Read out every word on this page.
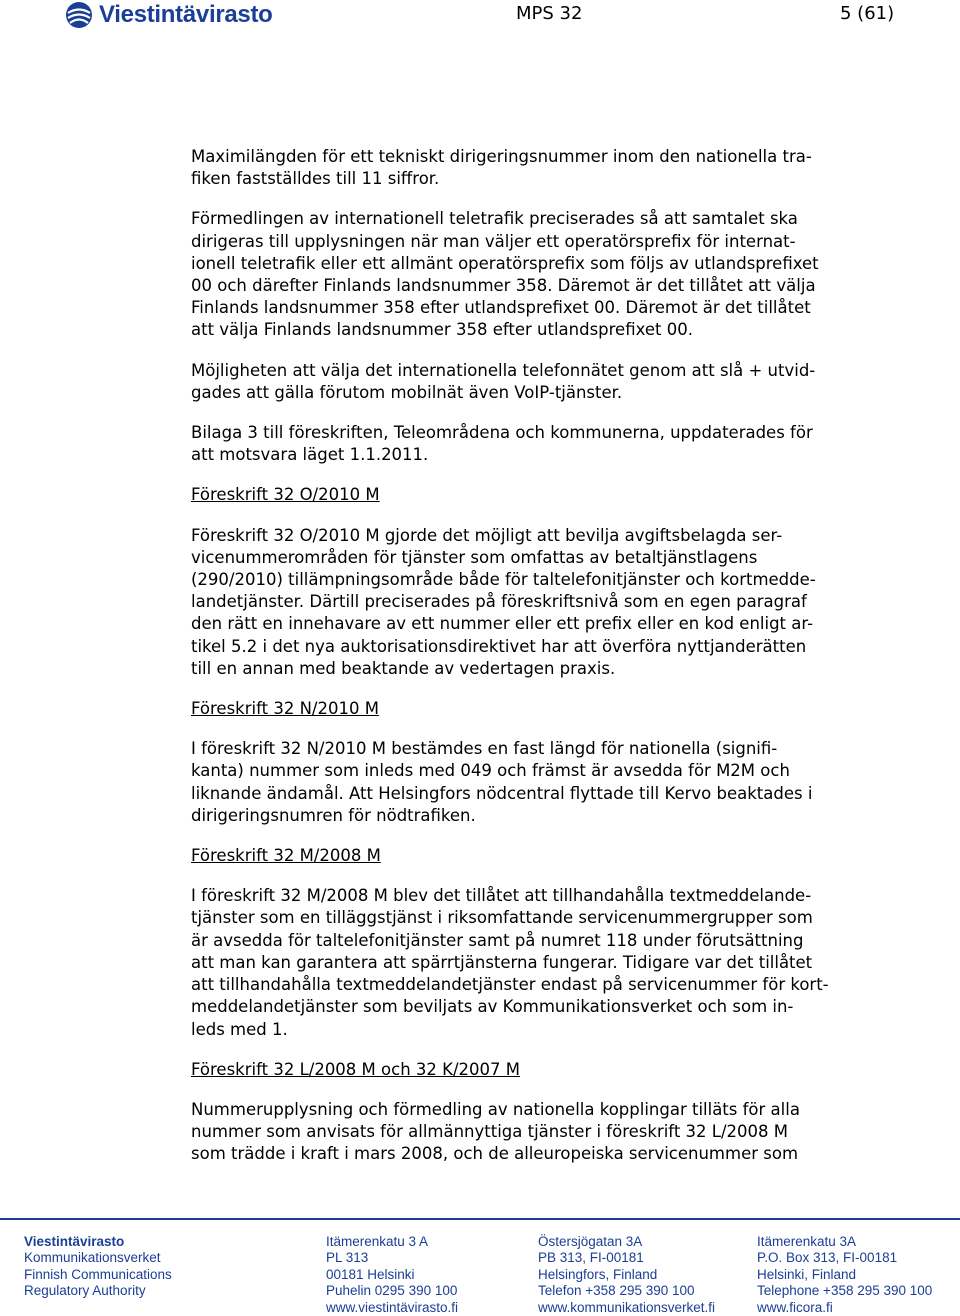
Viestintävirasto	MPS 32	5 (61)

Maximilängden för ett tekniskt dirigeringsnummer inom den nationella tra-
fiken fastställdes till 11 siffror.

Förmedlingen av internationell teletrafik preciserades så att samtalet ska
dirigeras till upplysningen när man väljer ett operatörsprefix för internat-
ionell teletrafik eller ett allmänt operatörsprefix som följs av utlandsprefixet
00 och därefter Finlands landsnummer 358. Däremot är det tillåtet att välja
Finlands landsnummer 358 efter utlandsprefixet 00. Däremot är det tillåtet
att välja Finlands landsnummer 358 efter utlandsprefixet 00.

Möjligheten att välja det internationella telefonnätet genom att slå + utvid-
gades att gälla förutom mobilnät även VoIP-tjänster.

Bilaga 3 till föreskriften, Teleområdena och kommunerna, uppdaterades för
att motsvara läget 1.1.2011.

Föreskrift 32 O/2010 M

Föreskrift 32 O/2010 M gjorde det möjligt att bevilja avgiftsbelagda ser-
vicenummerområden för tjänster som omfattas av betaltjänstlagens
(290/2010) tillämpningsområde både för taltelefonitjänster och kortmedde-
landetjänster. Därtill preciserades på föreskriftsnivå som en egen paragraf
den rätt en innehavare av ett nummer eller ett prefix eller en kod enligt ar-
tikel 5.2 i det nya auktorisationsdirektivet har att överföra nyttjanderätten
till en annan med beaktande av vedertagen praxis.

Föreskrift 32 N/2010 M

I föreskrift 32 N/2010 M bestämdes en fast längd för nationella (signifi-
kanta) nummer som inleds med 049 och främst är avsedda för M2M och
liknande ändamål. Att Helsingfors nödcentral flyttade till Kervo beaktades i
dirigeringsnumren för nödtrafiken.

Föreskrift 32 M/2008 M

I föreskrift 32 M/2008 M blev det tillåtet att tillhandahålla textmeddelande-
tjänster som en tilläggstjänst i riksomfattande servicenummergrupper som
är avsedda för taltelefonitjänster samt på numret 118 under förutsättning
att man kan garantera att spärrtjänsterna fungerar. Tidigare var det tillåtet
att tillhandahålla textmeddelandetjänster endast på servicenummer för kort-
meddelandetjänster som beviljats av Kommunikationsverket och som in-
leds med 1.

Föreskrift 32 L/2008 M och 32 K/2007 M

Nummerupplysning och förmedling av nationella kopplingar tilläts för alla
nummer som anvisats för allmännyttiga tjänster i föreskrift 32 L/2008 M
som trädde i kraft i mars 2008, och de alleuropeiska servicenummer som

Viestintävirasto
Kommunikationsverket
Finnish Communications
Regulatory Authority
Itämerenkatu 3 A
PL 313
00181 Helsinki
Puhelin 0295 390 100
www.viestintävirasto.fi
Östersjögatan 3A
PB 313, FI-00181
Helsingfors, Finland
Telefon +358 295 390 100
www.kommunikationsverket.fi
Itämerenkatu 3A
P.O. Box 313, FI-00181
Helsinki, Finland
Telephone +358 295 390 100
www.ficora.fi
